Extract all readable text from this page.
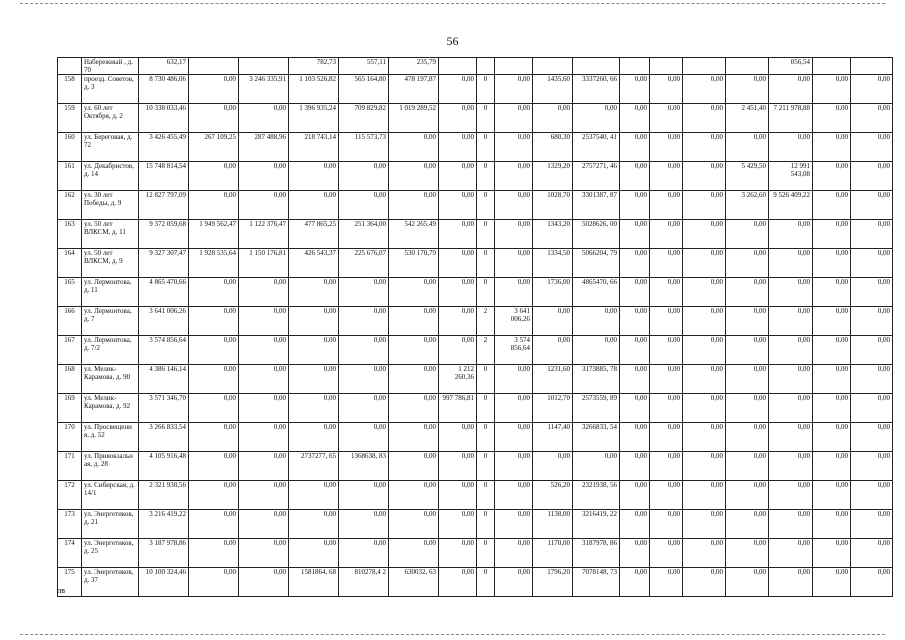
56
	Набережный , д. 70	632,17			782,73	557,11	235,79										056,54		
158	проезд. Советов, д. 3	8 730 486,06	0,00	3 246 335,91	1 103 526,82	565 164,80	478 197,87	0,00	0	0,00	1435,60	3337260, 66	0,00	0,00	0,00	0,00	0,00	0,00	0,00
159	ул. 60 лет Октября, д. 2	10 338 033,46	0,00	0,00	1 396 935,24	709 829,82	1 019 289,52	0,00	0	0,00	0,00	0,00	0,00	0,00	0,00	2 451,40	7 211 978,88	0,00	0,00
160	ул. Береговая, д. 72	3 426 455,49	267 109,25	287 488,96	218 743,14	115 573,73	0,00	0,00	0	0,00	680,30	2537540, 41	0,00	0,00	0,00	0,00	0,00	0,00	0,00
161	ул. Декабристов, д. 14	15 748 814,54	0,00	0,00	0,00	0,00	0,00	0,00	0	0,00	1329,20	2757271, 46	0,00	0,00	0,00	5 429,50	12 991 543,08	0,00	0,00
162	ул. 30 лет Победы, д. 9	12 827 797,09	0,00	0,00	0,00	0,00	0,00	0,00	0	0,00	1028,70	3301387, 87	0,00	0,00	0,00	3 262,60	9 526 409,22	0,00	0,00
163	ул. 50 лет ВЛКСМ, д. 11	9 372 059,68	1 949 562,47	1 122 376,47	477 865,25	251 364,00	542 265,49	0,00	0	0,00	1343,20	5028626, 00	0,00	0,00	0,00	0,00	0,00	0,00	0,00
164	ул. 50 лет ВЛКСМ, д. 9	9 327 307,47	1 928 535,64	1 150 176,81	426 543,37	225 676,07	530 170,79	0,00	0	0,00	1334,50	5066204, 79	0,00	0,00	0,00	0,00	0,00	0,00	0,00
165	ул. Лермонтова, д. 11	4 865 470,66	0,00	0,00	0,00	0,00	0,00	0,00	0	0,00	1736,00	4865470, 66	0,00	0,00	0,00	0,00	0,00	0,00	0,00
166	ул. Лермонтова, д. 7	3 641 006,26	0,00	0,00	0,00	0,00	0,00	0,00	2	3 641 006,26	0,00	0,00	0,00	0,00	0,00	0,00	0,00	0,00	0,00
167	ул. Лермонтова, д. 7/2	3 574 856,64	0,00	0,00	0,00	0,00	0,00	0,00	2	3 574 856,64	0,00	0,00	0,00	0,00	0,00	0,00	0,00	0,00	0,00
168	ул. Мелик-Карамова, д. 90	4 386 146,14	0,00	0,00	0,00	0,00	0,00	1 212 260,36	0	0,00	1231,60	3173885, 78	0,00	0,00	0,00	0,00	0,00	0,00	0,00
169	ул. Мелик-Карамова, д. 92	3 571 346,70	0,00	0,00	0,00	0,00	0,00	997 786,81	0	0,00	1012,70	2573559, 89	0,00	0,00	0,00	0,00	0,00	0,00	0,00
170	ул. Просвещени я, д. 52	3 266 833,54	0,00	0,00	0,00	0,00	0,00	0,00	0	0,00	1147,40	3266833, 54	0,00	0,00	0,00	0,00	0,00	0,00	0,00
171	ул. Привокзальн ая, д. 28	4 105 916,48	0,00	0,00	2737277, 65	1368638, 83	0,00	0,00	0	0,00	0,00	0,00	0,00	0,00	0,00	0,00	0,00	0,00	0,00
172	ул. Сибирская, д. 14/1	2 321 938,56	0,00	0,00	0,00	0,00	0,00	0,00	0	0,00	526,20	2321938, 56	0,00	0,00	0,00	0,00	0,00	0,00	0,00
173	ул. Энергетиков, д. 21	3 216 419,22	0,00	0,00	0,00	0,00	0,00	0,00	0	0,00	1138,00	3216419, 22	0,00	0,00	0,00	0,00	0,00	0,00	0,00
174	ул. Энергетиков, д. 25	3 187 978,86	0,00	0,00	0,00	0,00	0,00	0,00	0	0,00	1170,00	3187978, 86	0,00	0,00	0,00	0,00	0,00	0,00	0,00
175	ул. Энергетиков, д. 37	10 100 324,46	0,00	0,00	1581864, 68	810278,4 2	630032, 63	0,00	0	0,00	1796,20	7078148, 73	0,00	0,00	0,00	0,00	0,00	0,00	0,00
пв
